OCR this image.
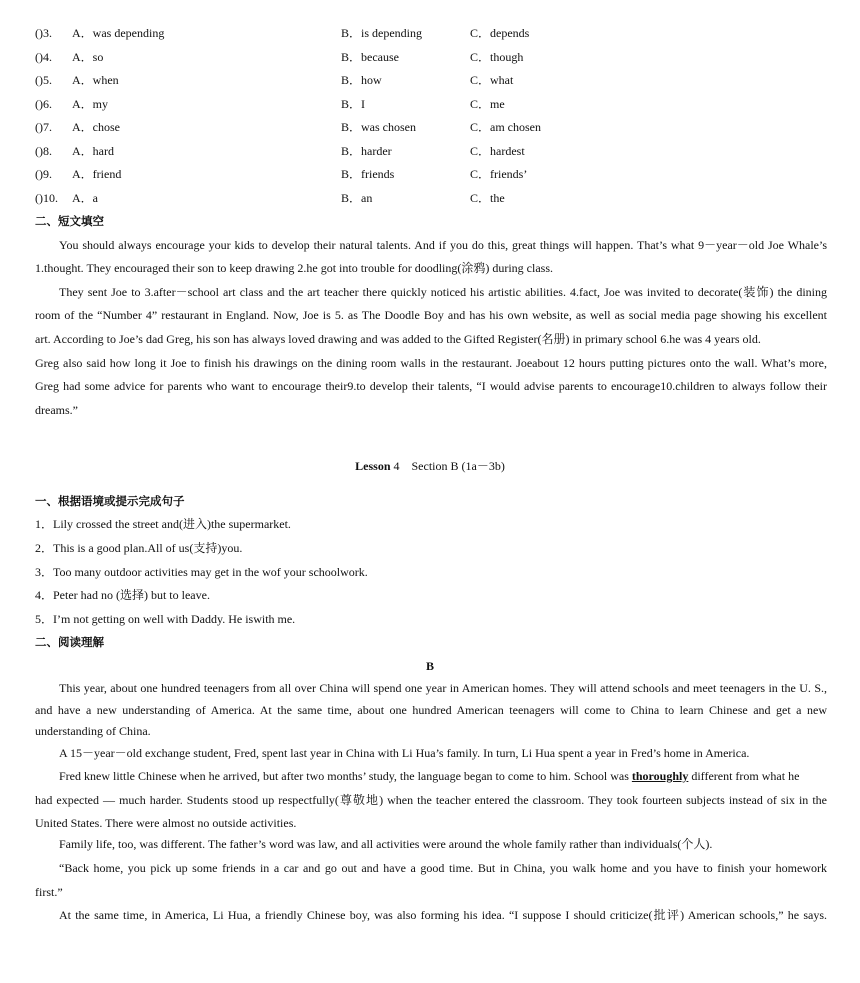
()3. A．was depending	B．is depending	C．depends
()4. A．so	B．because	C．though
()5. A．when	B．how	C．what
()6. A．my	B．I	C．me
()7. A．chose	B．was chosen	C．am chosen
()8. A．hard	B．harder	C．hardest
()9. A．friend	B．friends	C．friends’
()10. A．a	B．an	C．the
二、短文填空
You should always encourage your kids to develop their natural talents. And if you do this, great things will happen. That’s what 9－year－old Joe Whale’s
1.thought. They encouraged their son to keep drawing 2.he got into trouble for doodling(涂鸦) during class.
They sent Joe to 3.after－school art class and the art teacher there quickly noticed his artistic abilities. 4.fact, Joe was invited to decorate(装饰) the dining
room of the “Number 4” restaurant in England. Now, Joe is 5. as The Doodle Boy and has his own website, as well as social media page showing his excellent
art. According to Joe’s dad Greg, his son has always loved drawing and was added to the Gifted Register(名册) in primary school 6.he was 4 years old.
Greg also said how long it Joe to finish his drawings on the dining room walls in the restaurant. Joeabout 12 hours putting pictures onto the wall. What’s more,
Greg had some advice for parents who want to encourage their9.to develop their talents, “I would advise parents to encourage10.children to always follow their
dreams.”
Lesson 4　Section B (1a－3b)
一、根据语境或提示完成句子
1．Lily crossed the street and(进入)the supermarket.
2．This is a good plan.All of us(支持)you.
3．Too many outdoor activities may get in the wof your schoolwork.
4．Peter had no (选择) but to leave.
5．I’m not getting on well with Daddy. He iswith me.
二、阅读理解
B
This year, about one hundred teenagers from all over China will spend one year in American homes. They will attend schools and meet teenagers in the U. S.,
and have a new understanding of America. At the same time, about one hundred American teenagers will come to China to learn Chinese and get a new
understanding of China.
A 15－year－old exchange student, Fred, spent last year in China with Li Hua’s family. In turn, Li Hua spent a year in Fred’s home in America.
Fred knew little Chinese when he arrived, but after two months’ study, the language began to come to him. School was thoroughly different from what he
had expected — much harder. Students stood up respectfully(尊敬地) when the teacher entered the classroom. They took fourteen subjects instead of six in the
United States. There were almost no outside activities.
Family life, too, was different. The father’s word was law, and all activities were around the whole family rather than individuals(个人).
“Back home, you pick up some friends in a car and go out and have a good time. But in China, you walk home and you have to finish your homework
first.”
At the same time, in America, Li Hua, a friendly Chinese boy, was also forming his idea. “I suppose I should criticize(批评) American schools,” he says.
